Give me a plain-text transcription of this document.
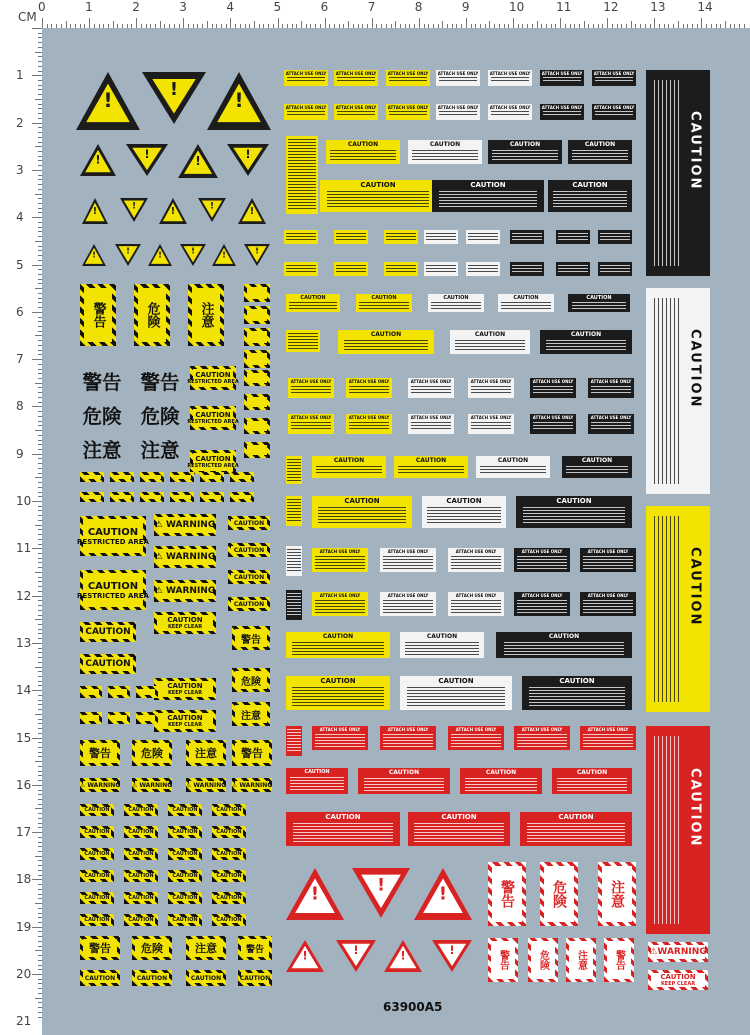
CM
63900A5
0	1	2	3	4	5	6	7	8	9	10	11	12	13	14
1
2
3
4
5
6
7
8
9
10
11
12
13
14
15
16
17
18
19
20
21
!	!	!
!	!	!	!
!	!	!	!	!
!	!	!	!	!	!
警告	危険	注意
警告 警告
危険 危険
注意 注意
CAUTION
RESTRICTED AREA
CAUTION
RESTRICTED AREA
CAUTION
RESTRICTED AREA
CAUTION
RESTRICTED AREA
CAUTION
RESTRICTED AREA
⚠ WARNING
⚠ WARNING
⚠ WARNING
CAUTION
CAUTION
CAUTION
CAUTION
CAUTION
CAUTION
CAUTION
KEEP CLEAR
CAUTION
KEEP CLEAR
CAUTION
KEEP CLEAR
警告
危険
注意
警告	危険	注意 警告
⚠ WARNING ⚠ WARNING ⚠ WARNING ⚠ WARNING
CAUTION	CAUTION	CAUTION	CAUTION
CAUTION	CAUTION	CAUTION	CAUTION
CAUTION	CAUTION	CAUTION	CAUTION
CAUTION	CAUTION	CAUTION	CAUTION
CAUTION	CAUTION	CAUTION	CAUTION
CAUTION	CAUTION	CAUTION	CAUTION
警告	危険	注意
CAUTION	CAUTION	CAUTION
警告
CAUTION
ATTACH USE ONLY	ATTACH USE ONLY	ATTACH USE ONLY	ATTACH USE ONLY	ATTACH USE ONLY	ATTACH USE ONLY	ATTACH USE ONLY
ATTACH USE ONLY	ATTACH USE ONLY	ATTACH USE ONLY	ATTACH USE ONLY	ATTACH USE ONLY	ATTACH USE ONLY	ATTACH USE ONLY
CAUTION	CAUTION	CAUTION	CAUTION
CAUTION	CAUTION	CAUTION	CAUTION
CAUTION	CAUTION	CAUTION	CAUTION	CAUTION
CAUTION
CAUTION	CAUTION	CAUTION
ATTACH USE ONLY
ATTACH USE ONLY
ATTACH USE ONLY
ATTACH USE ONLY
ATTACH USE ONLY
ATTACH USE ONLY
ATTACH USE ONLY
ATTACH USE ONLY
ATTACH USE ONLY
ATTACH USE ONLY
ATTACH USE ONLY
ATTACH USE ONLY
CAUTION	CAUTION	CAUTION	CAUTION
CAUTION	CAUTION	CAUTION
CAUTION
ATTACH USE ONLY
ATTACH USE ONLY
ATTACH USE ONLY
ATTACH USE ONLY
ATTACH USE ONLY
ATTACH USE ONLY
ATTACH USE ONLY
ATTACH USE ONLY
ATTACH USE ONLY
ATTACH USE ONLY
CAUTION	CAUTION	CAUTION
CAUTION	CAUTION	CAUTION
ATTACH USE ONLY	ATTACH USE ONLY	ATTACH USE ONLY	ATTACH USE ONLY	ATTACH USE ONLY
CAUTION	CAUTION	CAUTION	CAUTION
CAUTION	CAUTION	CAUTION	CAUTION
!	!	!
!	!	!	!
警告	危険	注意
警告	危険	注意	警告	⚠WARNING
CAUTION
KEEP CLEAR
